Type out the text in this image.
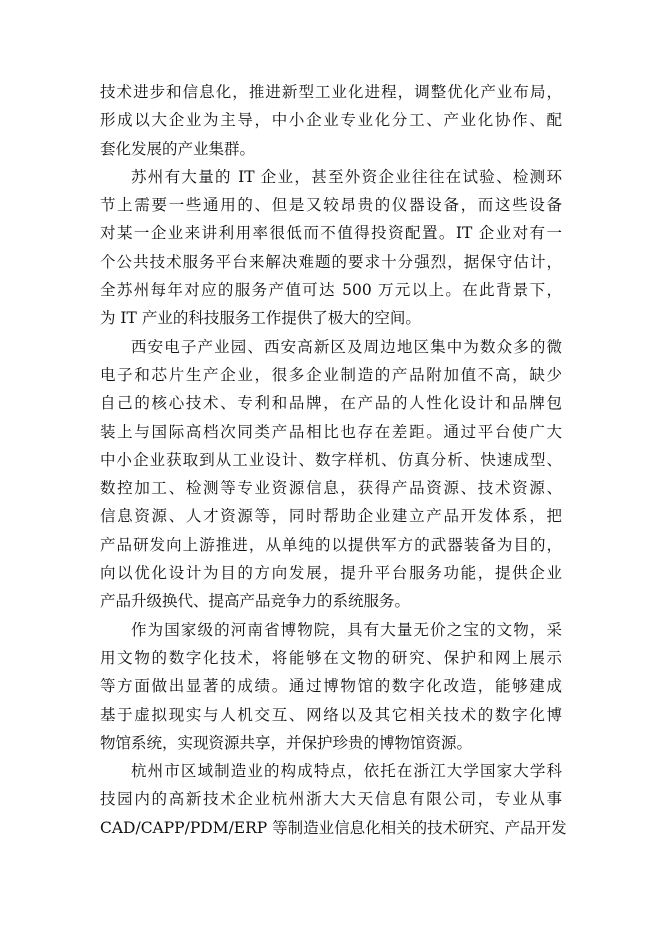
技术进步和信息化，推进新型工业化进程，调整优化产业布局，
形成以大企业为主导，中小企业专业化分工、产业化协作、配
套化发展的产业集群。
苏州有大量的 IT 企业，甚至外资企业往往在试验、检测环
节上需要一些通用的、但是又较昂贵的仪器设备，而这些设备
对某一企业来讲利用率很低而不值得投资配置。IT 企业对有一
个公共技术服务平台来解决难题的要求十分强烈，据保守估计，
全苏州每年对应的服务产值可达 500 万元以上。在此背景下，
为 IT 产业的科技服务工作提供了极大的空间。
西安电子产业园、西安高新区及周边地区集中为数众多的微
电子和芯片生产企业，很多企业制造的产品附加值不高，缺少
自己的核心技术、专利和品牌，在产品的人性化设计和品牌包
装上与国际高档次同类产品相比也存在差距。通过平台使广大
中小企业获取到从工业设计、数字样机、仿真分析、快速成型、
数控加工、检测等专业资源信息，获得产品资源、技术资源、
信息资源、人才资源等，同时帮助企业建立产品开发体系，把
产品研发向上游推进，从单纯的以提供军方的武器装备为目的，
向以优化设计为目的方向发展，提升平台服务功能，提供企业
产品升级换代、提高产品竞争力的系统服务。
作为国家级的河南省博物院，具有大量无价之宝的文物，采
用文物的数字化技术，将能够在文物的研究、保护和网上展示
等方面做出显著的成绩。通过博物馆的数字化改造，能够建成
基于虚拟现实与人机交互、网络以及其它相关技术的数字化博
物馆系统，实现资源共享，并保护珍贵的博物馆资源。
杭州市区域制造业的构成特点，依托在浙江大学国家大学科
技园内的高新技术企业杭州浙大大天信息有限公司，专业从事
CAD/CAPP/PDM/ERP 等制造业信息化相关的技术研究、产品开发
